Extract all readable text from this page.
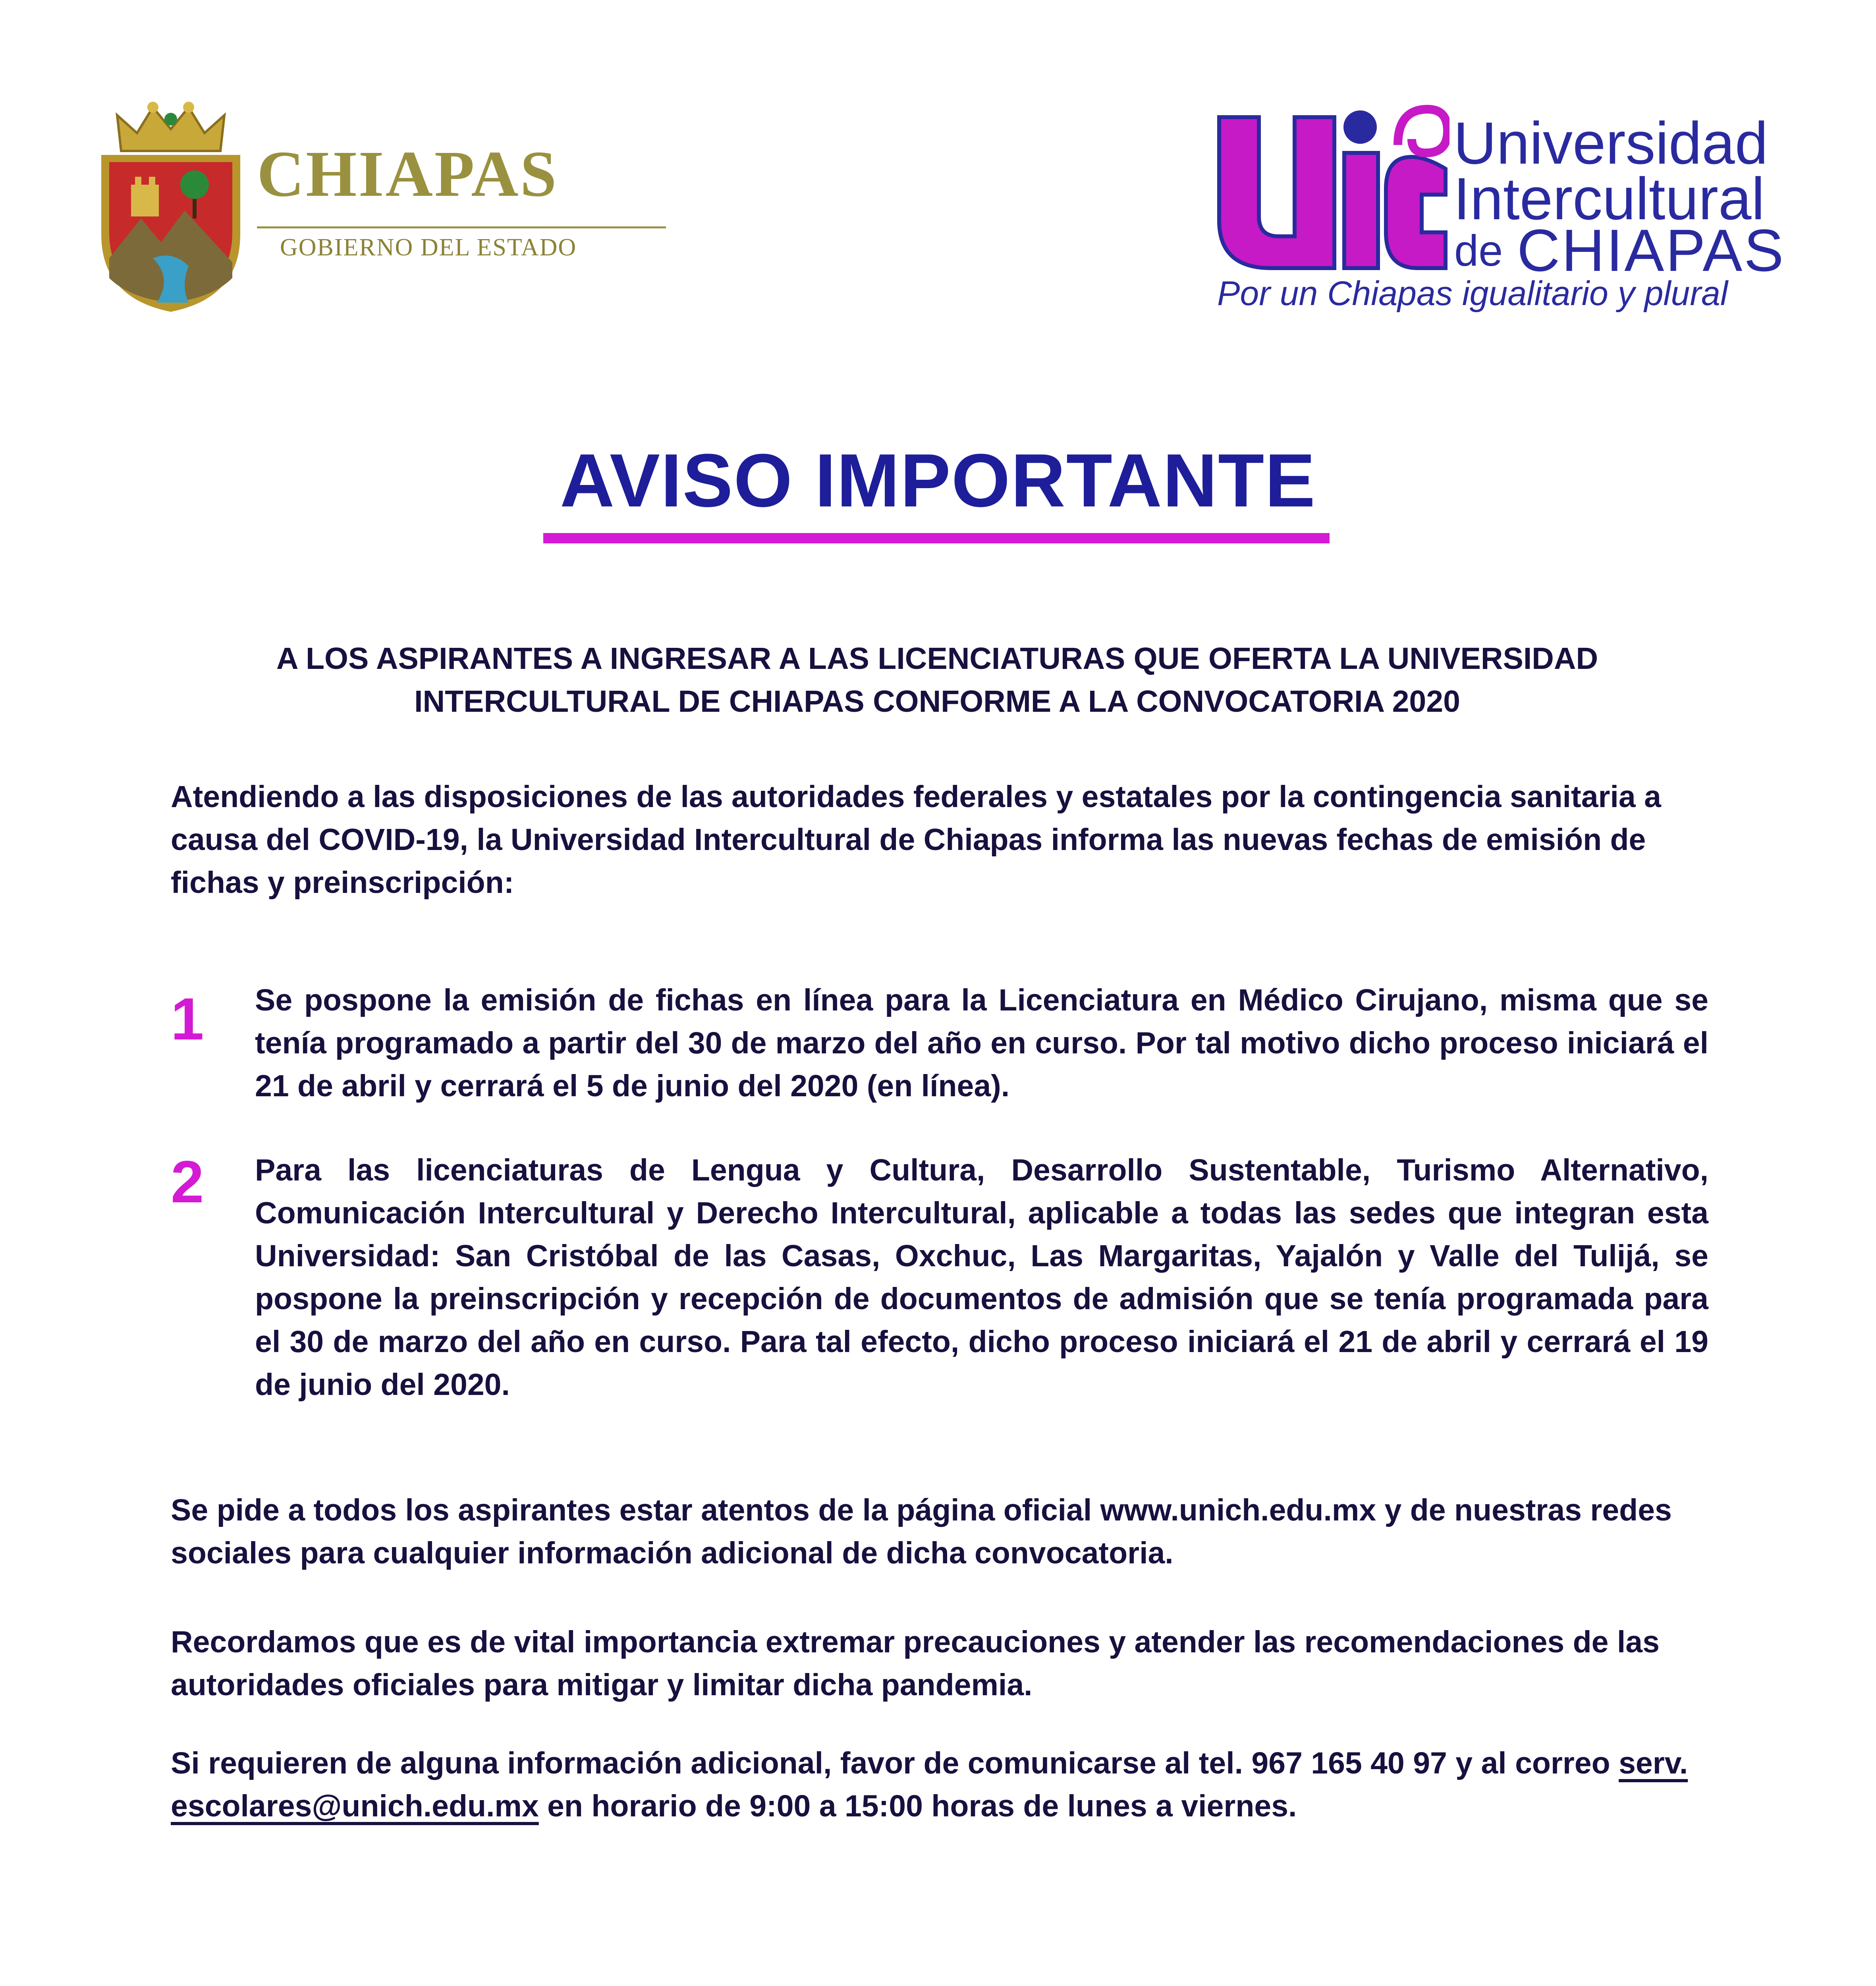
CHIAPAS
GOBIERNO DEL ESTADO
Universidad
Intercultural
de CHIAPAS
Por un Chiapas igualitario y plural
AVISO IMPORTANTE
A LOS ASPIRANTES A INGRESAR A LAS LICENCIATURAS QUE OFERTA LA UNIVERSIDAD INTERCULTURAL DE CHIAPAS CONFORME A LA CONVOCATORIA 2020
Atendiendo a las disposiciones de las autoridades federales y estatales por la contingencia sanitaria a causa del COVID-19, la Universidad Intercultural de Chiapas informa las nuevas fechas de emisión de fichas y preinscripción:
1 Se pospone la emisión de fichas en línea para la Licenciatura en Médico Cirujano, misma que se tenía programado a partir del 30 de marzo del año en curso. Por tal motivo dicho proceso iniciará el 21 de abril y cerrará el 5 de junio del 2020 (en línea).
2 Para las licenciaturas de Lengua y Cultura, Desarrollo Sustentable, Turismo Alternativo, Comunicación Intercultural y Derecho Intercultural, aplicable a todas las sedes que integran esta Universidad: San Cristóbal de las Casas, Oxchuc, Las Margaritas, Yajalón y Valle del Tulijá, se pospone la preinscripción y recepción de documentos de admisión que se tenía programada para el 30 de marzo del año en curso. Para tal efecto, dicho proceso iniciará el 21 de abril y cerrará el 19 de junio del 2020.
Se pide a todos los aspirantes estar atentos de la página oficial www.unich.edu.mx y de nuestras redes sociales para cualquier información adicional de dicha convocatoria.
Recordamos que es de vital importancia extremar precauciones y atender las recomendaciones de las autoridades oficiales para mitigar y limitar dicha pandemia.
Si requieren de alguna información adicional, favor de comunicarse al tel. 967 165 40 97 y al correo serv. escolares@unich.edu.mx en horario de 9:00 a 15:00 horas de lunes a viernes.
